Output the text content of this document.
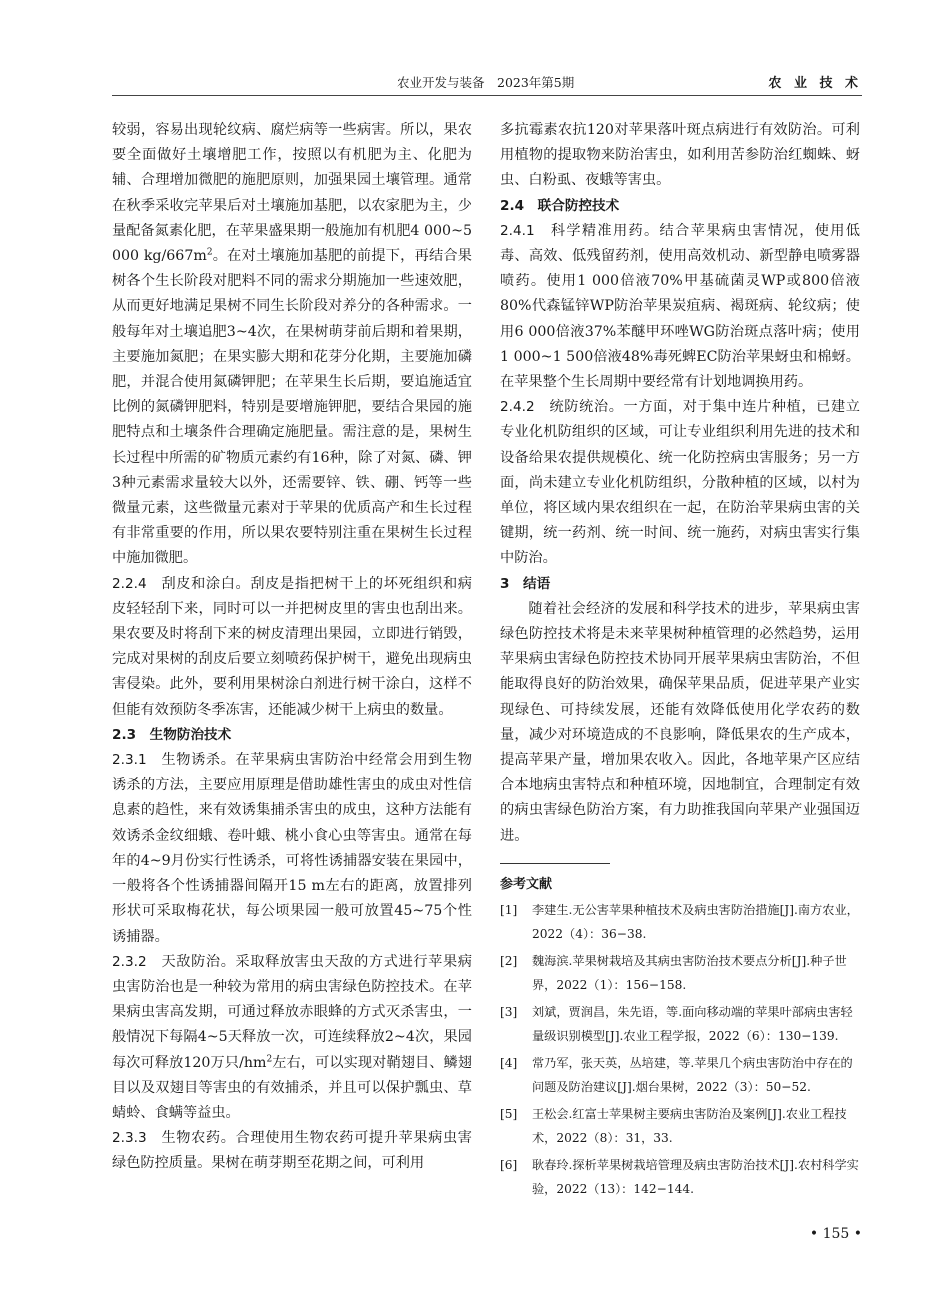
农业开发与装备　2023年第5期	农 业 技 术

较弱，容易出现轮纹病、腐烂病等一些病害。所以，果农要全面做好土壤增肥工作，按照以有机肥为主、化肥为辅、合理增加微肥的施肥原则，加强果园土壤管理。通常在秋季采收完苹果后对土壤施加基肥，以农家肥为主，少量配备氮素化肥，在苹果盛果期一般施加有机肥4 000~5 000 $kg/667m^2$。在对土壤施加基肥的前提下，再结合果树各个生长阶段对肥料不同的需求分期施加一些速效肥，从而更好地满足果树不同生长阶段对养分的各种需求。一般每年对土壤追肥3~4次，在果树萌芽前后期和着果期，主要施加氮肥；在果实膨大期和花芽分化期，主要施加磷肥，并混合使用氮磷钾肥；在苹果生长后期，要追施适宜比例的氮磷钾肥料，特别是要增施钾肥，要结合果园的施肥特点和土壤条件合理确定施肥量。需注意的是，果树生长过程中所需的矿物质元素约有16种，除了对氮、磷、钾3种元素需求量较大以外，还需要锌、铁、硼、钙等一些微量元素，这些微量元素对于苹果的优质高产和生长过程有非常重要的作用，所以果农要特别注重在果树生长过程中施加微肥。

2.2.4　刮皮和涂白。刮皮是指把树干上的坏死组织和病皮轻轻刮下来，同时可以一并把树皮里的害虫也刮出来。果农要及时将刮下来的树皮清理出果园，立即进行销毁，完成对果树的刮皮后要立刻喷药保护树干，避免出现病虫害侵染。此外，要利用果树涂白剂进行树干涂白，这样不但能有效预防冬季冻害，还能减少树干上病虫的数量。

2.3　生物防治技术

2.3.1　生物诱杀。在苹果病虫害防治中经常会用到生物诱杀的方法，主要应用原理是借助雄性害虫的成虫对性信息素的趋性，来有效诱集捕杀害虫的成虫，这种方法能有效诱杀金纹细蛾、卷叶蛾、桃小食心虫等害虫。通常在每年的4~9月份实行性诱杀，可将性诱捕器安装在果园中，一般将各个性诱捕器间隔开15 m左右的距离，放置排列形状可采取梅花状，每公顷果园一般可放置45~75个性诱捕器。

2.3.2　天敌防治。采取释放害虫天敌的方式进行苹果病虫害防治也是一种较为常用的病虫害绿色防控技术。在苹果病虫害高发期，可通过释放赤眼蜂的方式灭杀害虫，一般情况下每隔4~5天释放一次，可连续释放2~4次，果园每次可释放120万只$/hm^2$左右，可以实现对鞘翅目、鳞翅目以及双翅目等害虫的有效捕杀，并且可以保护瓢虫、草蜻蛉、食螨等益虫。

2.3.3　生物农药。合理使用生物农药可提升苹果病虫害绿色防控质量。果树在萌芽期至花期之间，可利用

多抗霉素农抗120对苹果落叶斑点病进行有效防治。可利用植物的提取物来防治害虫，如利用苦参防治红蜘蛛、蚜虫、白粉虱、夜蛾等害虫。

2.4　联合防控技术

2.4.1　科学精准用药。结合苹果病虫害情况，使用低毒、高效、低残留药剂，使用高效机动、新型静电喷雾器喷药。使用1 000倍液70%甲基硫菌灵WP或800倍液80%代森锰锌WP防治苹果炭疽病、褐斑病、轮纹病；使用6 000倍液37%苯醚甲环唑WG防治斑点落叶病；使用1 000~1 500倍液48%毒死蜱EC防治苹果蚜虫和棉蚜。在苹果整个生长周期中要经常有计划地调换用药。

2.4.2　统防统治。一方面，对于集中连片种植，已建立专业化机防组织的区域，可让专业组织利用先进的技术和设备给果农提供规模化、统一化防控病虫害服务；另一方面，尚未建立专业化机防组织，分散种植的区域，以村为单位，将区域内果农组织在一起，在防治苹果病虫害的关键期，统一药剂、统一时间、统一施药，对病虫害实行集中防治。

3　结语

随着社会经济的发展和科学技术的进步，苹果病虫害绿色防控技术将是未来苹果树种植管理的必然趋势，运用苹果病虫害绿色防控技术协同开展苹果病虫害防治，不但能取得良好的防治效果，确保苹果品质，促进苹果产业实现绿色、可持续发展，还能有效降低使用化学农药的数量，减少对环境造成的不良影响，降低果农的生产成本，提高苹果产量，增加果农收入。因此，各地苹果产区应结合本地病虫害特点和种植环境，因地制宜，合理制定有效的病虫害绿色防治方案，有力助推我国向苹果产业强国迈进。

参考文献
[1]	李建生.无公害苹果种植技术及病虫害防治措施[J].南方农业，2022（4）：36−38.
[2]	魏海滨.苹果树栽培及其病虫害防治技术要点分析[J].种子世界，2022（1）：156−158.
[3]	刘斌，贾润昌，朱先语，等.面向移动端的苹果叶部病虫害轻量级识别模型[J].农业工程学报，2022（6）：130−139.
[4]	常乃军，张天英，丛培建，等.苹果几个病虫害防治中存在的问题及防治建议[J].烟台果树，2022（3）：50−52.
[5]	王松会.红富士苹果树主要病虫害防治及案例[J].农业工程技术，2022（8）：31，33.
[6]	耿春玲.探析苹果树栽培管理及病虫害防治技术[J].农村科学实验，2022（13）：142−144.
• 155 •
